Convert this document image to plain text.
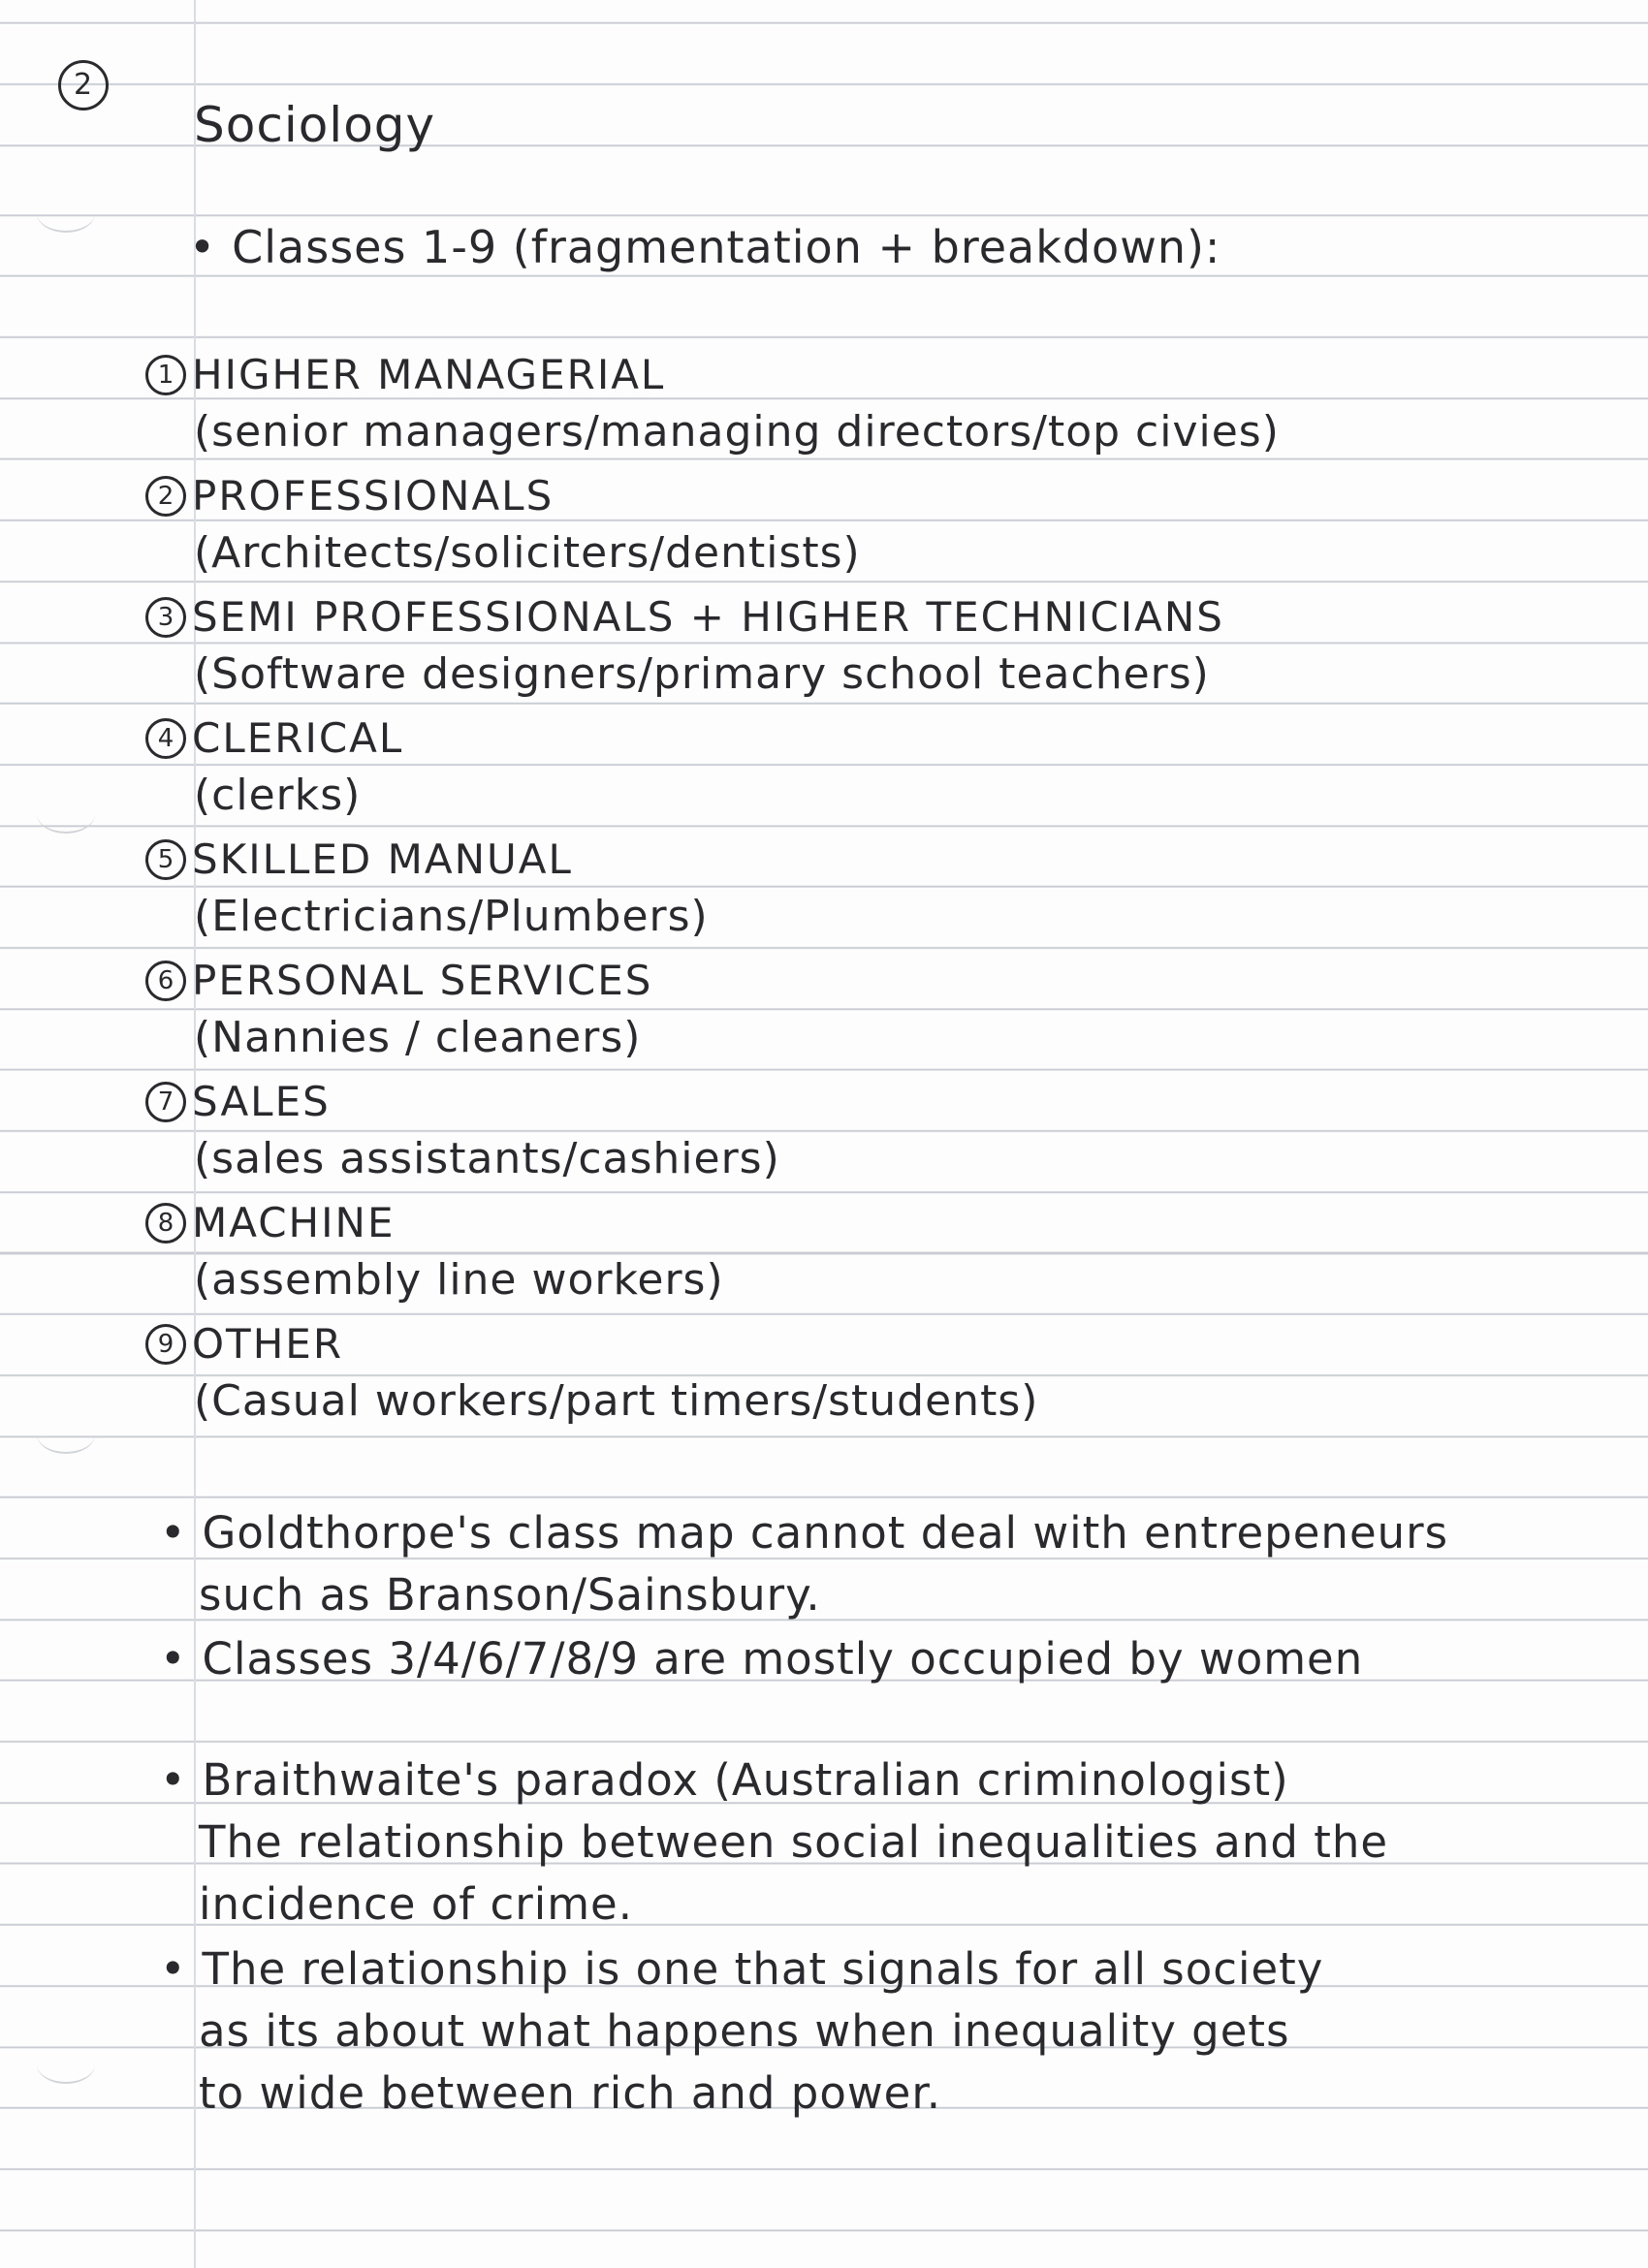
2
Sociology
• Classes 1-9 (fragmentation + breakdown):
1 HIGHER MANAGERIAL
(senior managers/managing directors/top civies)
2 PROFESSIONALS
(Architects/soliciters/dentists)
3 SEMI PROFESSIONALS + HIGHER TECHNICIANS
(Software designers/primary school teachers)
4 CLERICAL
(clerks)
5 SKILLED MANUAL
(Electricians/Plumbers)
6 PERSONAL SERVICES
(Nannies / cleaners)
7 SALES
(sales assistants/cashiers)
8 MACHINE
(assembly line workers)
9 OTHER
(Casual workers/part timers/students)
• Goldthorpe's class map cannot deal with entrepeneurs
such as Branson/Sainsbury.
• Classes 3/4/6/7/8/9 are mostly occupied by women
• Braithwaite's paradox (Australian criminologist)
The relationship between social inequalities and the
incidence of crime.
• The relationship is one that signals for all society
as its about what happens when inequality gets
to wide between rich and power.
